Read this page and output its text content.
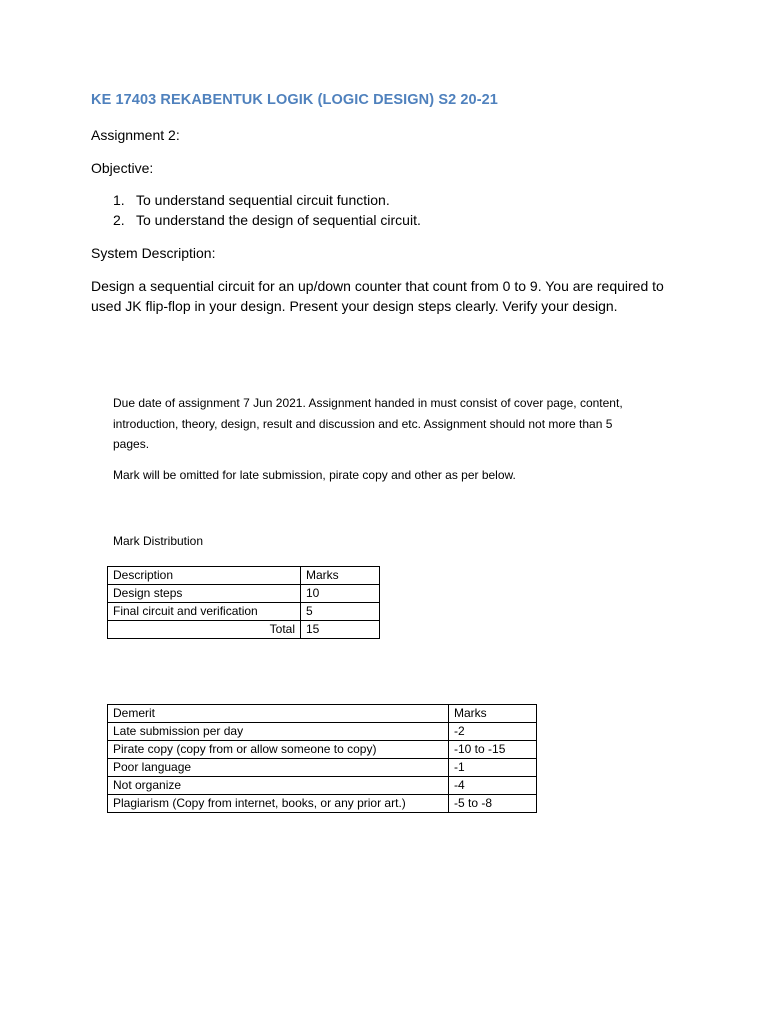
KE 17403 REKABENTUK LOGIK (LOGIC DESIGN) S2 20-21
Assignment 2:
Objective:
1. To understand sequential circuit function.
2. To understand the design of sequential circuit.
System Description:
Design a sequential circuit for an up/down counter that count from 0 to 9. You are required to
used JK flip-flop in your design. Present your design steps clearly. Verify your design.
Due date of assignment 7 Jun 2021. Assignment handed in must consist of cover page, content,
introduction, theory, design, result and discussion and etc. Assignment should not more than 5
pages.
Mark will be omitted for late submission, pirate copy and other as per below.
Mark Distribution
Description	Marks
Design steps	10
Final circuit and verification	5
Total	15
Demerit	Marks
Late submission per day	-2
Pirate copy (copy from or allow someone to copy)	-10 to -15
Poor language	-1
Not organize	-4
Plagiarism (Copy from internet, books, or any prior art.)	-5 to -8
